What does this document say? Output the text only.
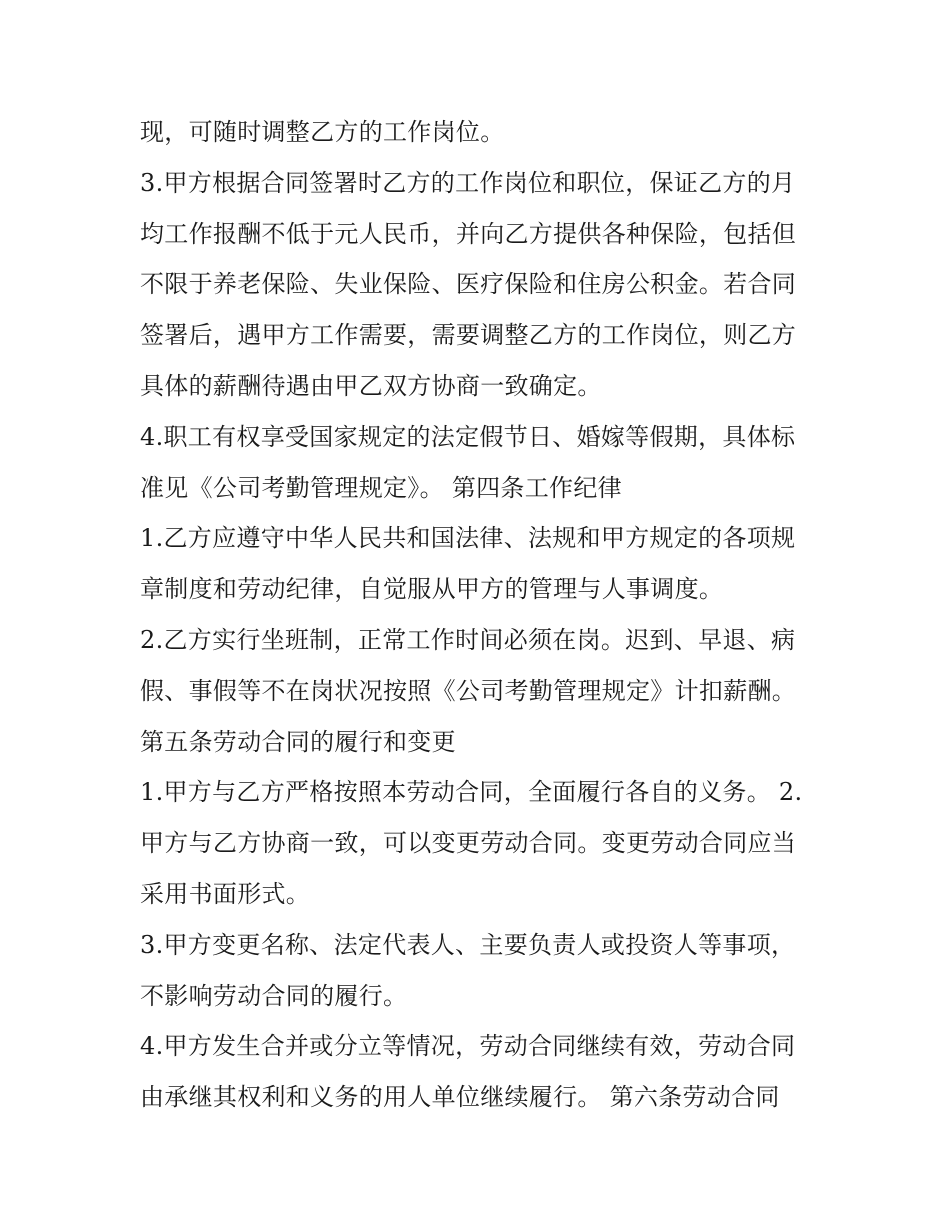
现，可随时调整乙方的工作岗位。
3.甲方根据合同签署时乙方的工作岗位和职位，保证乙方的月
均工作报酬不低于元人民币，并向乙方提供各种保险，包括但
不限于养老保险、失业保险、医疗保险和住房公积金。若合同
签署后，遇甲方工作需要，需要调整乙方的工作岗位，则乙方
具体的薪酬待遇由甲乙双方协商一致确定。
4.职工有权享受国家规定的法定假节日、婚嫁等假期，具体标
准见《公司考勤管理规定》。 第四条工作纪律
1.乙方应遵守中华人民共和国法律、法规和甲方规定的各项规
章制度和劳动纪律，自觉服从甲方的管理与人事调度。
2.乙方实行坐班制，正常工作时间必须在岗。迟到、早退、病
假、事假等不在岗状况按照《公司考勤管理规定》计扣薪酬。
第五条劳动合同的履行和变更
1.甲方与乙方严格按照本劳动合同，全面履行各自的义务。 2.
甲方与乙方协商一致，可以变更劳动合同。变更劳动合同应当
采用书面形式。
3.甲方变更名称、法定代表人、主要负责人或投资人等事项，
不影响劳动合同的履行。
4.甲方发生合并或分立等情况，劳动合同继续有效，劳动合同
由承继其权利和义务的用人单位继续履行。 第六条劳动合同
